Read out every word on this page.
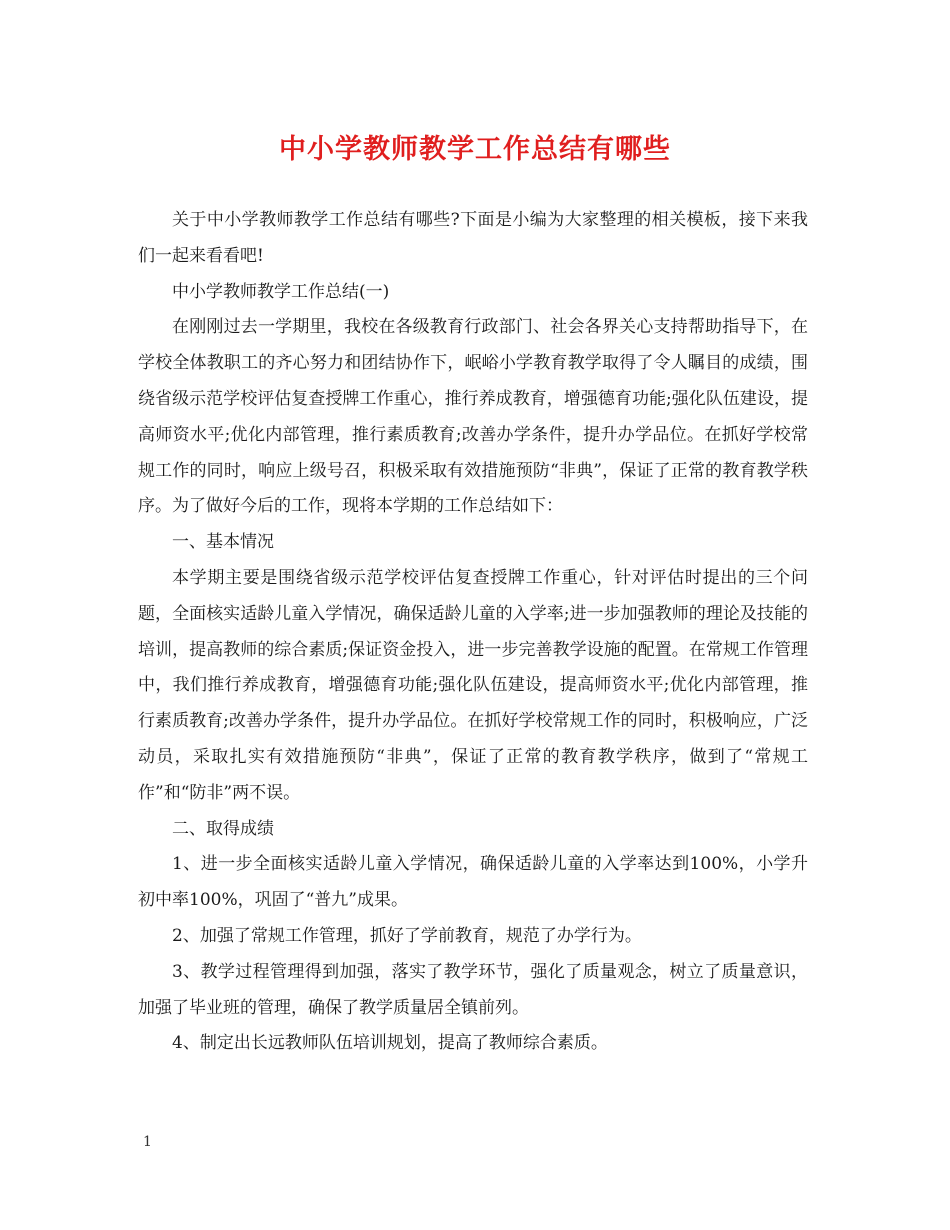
中小学教师教学工作总结有哪些

关于中小学教师教学工作总结有哪些?下面是小编为大家整理的相关模板，接下来我们一起来看看吧!

中小学教师教学工作总结(一)

在刚刚过去一学期里，我校在各级教育行政部门、社会各界关心支持帮助指导下，在学校全体教职工的齐心努力和团结协作下，岷峪小学教育教学取得了令人瞩目的成绩，围绕省级示范学校评估复查授牌工作重心，推行养成教育，增强德育功能;强化队伍建设，提高师资水平;优化内部管理，推行素质教育;改善办学条件，提升办学品位。在抓好学校常规工作的同时，响应上级号召，积极采取有效措施预防“非典”，保证了正常的教育教学秩序。为了做好今后的工作，现将本学期的工作总结如下：

一、基本情况

本学期主要是围绕省级示范学校评估复查授牌工作重心，针对评估时提出的三个问题，全面核实适龄儿童入学情况，确保适龄儿童的入学率;进一步加强教师的理论及技能的培训，提高教师的综合素质;保证资金投入，进一步完善教学设施的配置。在常规工作管理中，我们推行养成教育，增强德育功能;强化队伍建设，提高师资水平;优化内部管理，推行素质教育;改善办学条件，提升办学品位。在抓好学校常规工作的同时，积极响应，广泛动员，采取扎实有效措施预防“非典”，保证了正常的教育教学秩序，做到了“常规工作”和“防非”两不误。

二、取得成绩

1、进一步全面核实适龄儿童入学情况，确保适龄儿童的入学率达到100%，小学升初中率100%，巩固了“普九”成果。

2、加强了常规工作管理，抓好了学前教育，规范了办学行为。

3、教学过程管理得到加强，落实了教学环节，强化了质量观念，树立了质量意识，加强了毕业班的管理，确保了教学质量居全镇前列。

4、制定出长远教师队伍培训规划，提高了教师综合素质。

1
